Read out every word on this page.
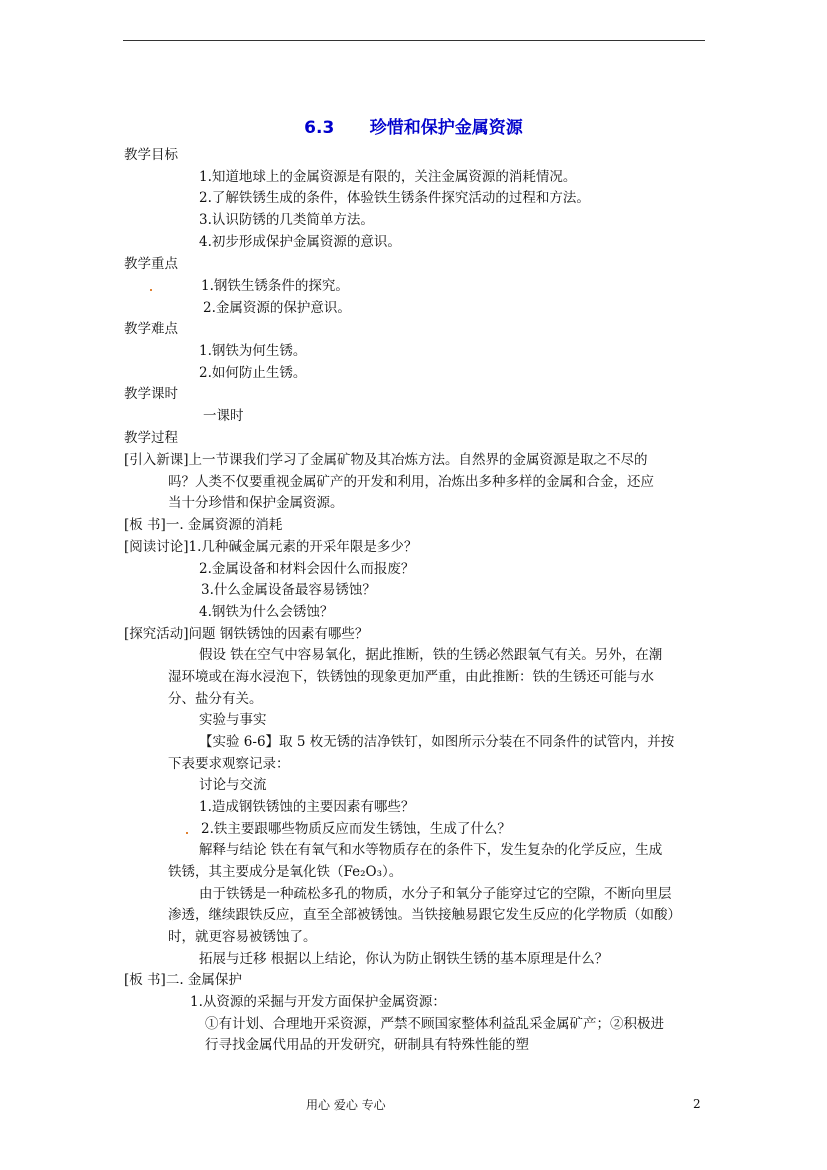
6.3      珍惜和保护金属资源
教学目标
1.知道地球上的金属资源是有限的，关注金属资源的消耗情况。
2.了解铁锈生成的条件，体验铁生锈条件探究活动的过程和方法。
3.认识防锈的几类简单方法。
4.初步形成保护金属资源的意识。
教学重点
1.钢铁生锈条件的探究。
2.金属资源的保护意识。
教学难点
1.钢铁为何生锈。
2.如何防止生锈。
教学课时
一课时
教学过程
[引入新课]上一节课我们学习了金属矿物及其冶炼方法。自然界的金属资源是取之不尽的
吗？人类不仅要重视金属矿产的开发和利用，冶炼出多种多样的金属和合金，还应
当十分珍惜和保护金属资源。
[板 书]一. 金属资源的消耗
[阅读讨论]1.几种碱金属元素的开采年限是多少？
2.金属设备和材料会因什么而报废？
3.什么金属设备最容易锈蚀？
4.钢铁为什么会锈蚀？
[探究活动]问题 钢铁锈蚀的因素有哪些？
假设 铁在空气中容易氧化，据此推断，铁的生锈必然跟氧气有关。另外，在潮
湿环境或在海水浸泡下，铁锈蚀的现象更加严重，由此推断：铁的生锈还可能与水
分、盐分有关。
实验与事实
【实验 6-6】取 5 枚无锈的洁净铁钉，如图所示分装在不同条件的试管内，并按
下表要求观察记录：
讨论与交流
1.造成钢铁锈蚀的主要因素有哪些？
2.铁主要跟哪些物质反应而发生锈蚀，生成了什么？
解释与结论 铁在有氧气和水等物质存在的条件下，发生复杂的化学反应，生成
铁锈，其主要成分是氧化铁（Fe₂O₃）。
由于铁锈是一种疏松多孔的物质，水分子和氧分子能穿过它的空隙，不断向里层
渗透，继续跟铁反应，直至全部被锈蚀。当铁接触易跟它发生反应的化学物质（如酸）
时，就更容易被锈蚀了。
拓展与迁移 根据以上结论，你认为防止钢铁生锈的基本原理是什么？
[板 书]二. 金属保护
1.从资源的采掘与开发方面保护金属资源：
①有计划、合理地开采资源，严禁不顾国家整体利益乱采金属矿产；②积极进
行寻找金属代用品的开发研究，研制具有特殊性能的塑
用心 爱心 专心	2
